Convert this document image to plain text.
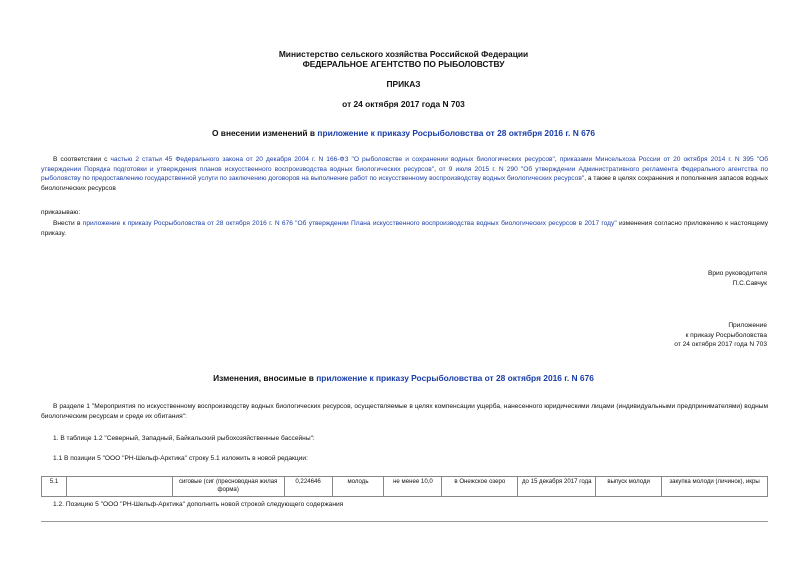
Министерство сельского хозяйства Российской Федерации
ФЕДЕРАЛЬНОЕ АГЕНТСТВО ПО РЫБОЛОВСТВУ
ПРИКАЗ
от 24 октября 2017 года N 703
О внесении изменений в приложение к приказу Росрыболовства от 28 октября 2016 г. N 676
В соответствии с частью 2 статьи 45 Федерального закона от 20 декабря 2004 г. N 166-ФЗ "О рыболовстве и сохранении водных биологических ресурсов", приказами Минсельхоза России от 20 октября 2014 г. N 395 "Об утверждении Порядка подготовки и утверждения планов искусственного воспроизводства водных биологических ресурсов", от 9 июля 2015 г. N 290 "Об утверждении Административного регламента Федерального агентства по рыболовству по предоставлению государственной услуги по заключению договоров на выполнение работ по искусственному воспроизводству водных биологических ресурсов", а также в целях сохранения и пополнения запасов водных биологических ресурсов
приказываю:
Внести в приложение к приказу Росрыболовства от 28 октября 2016 г. N 676 "Об утверждении Плана искусственного воспроизводства водных биологических ресурсов в 2017 году" изменения согласно приложению к настоящему приказу.
Врио руководителя
П.С.Савчук
Приложение
к приказу Росрыболовства
от 24 октября 2017 года N 703
Изменения, вносимые в приложение к приказу Росрыболовства от 28 октября 2016 г. N 676
В разделе 1 "Мероприятия по искусственному воспроизводству водных биологических ресурсов, осуществляемые в целях компенсации ущерба, нанесенного юридическими лицами (индивидуальными предпринимателями) водным биологическим ресурсам и среде их обитания":
1. В таблице 1.2 "Северный, Западный, Байкальский рыбохозяйственные бассейны":
1.1 В позиции 5 "ООО "РН-Шельф-Арктика" строку 5.1 изложить в новой редакции:
5.1		сиговые (сиг (пресноводная жилая форма)	0,224646	молодь	не менее 10,0	в Онежское озеро	до 15 декабря 2017 года	выпуск молоди	закупка молоди (личинок), икры
1.2. Позицию 5 "ООО "РН-Шельф-Арктика" дополнить новой строкой следующего содержания
